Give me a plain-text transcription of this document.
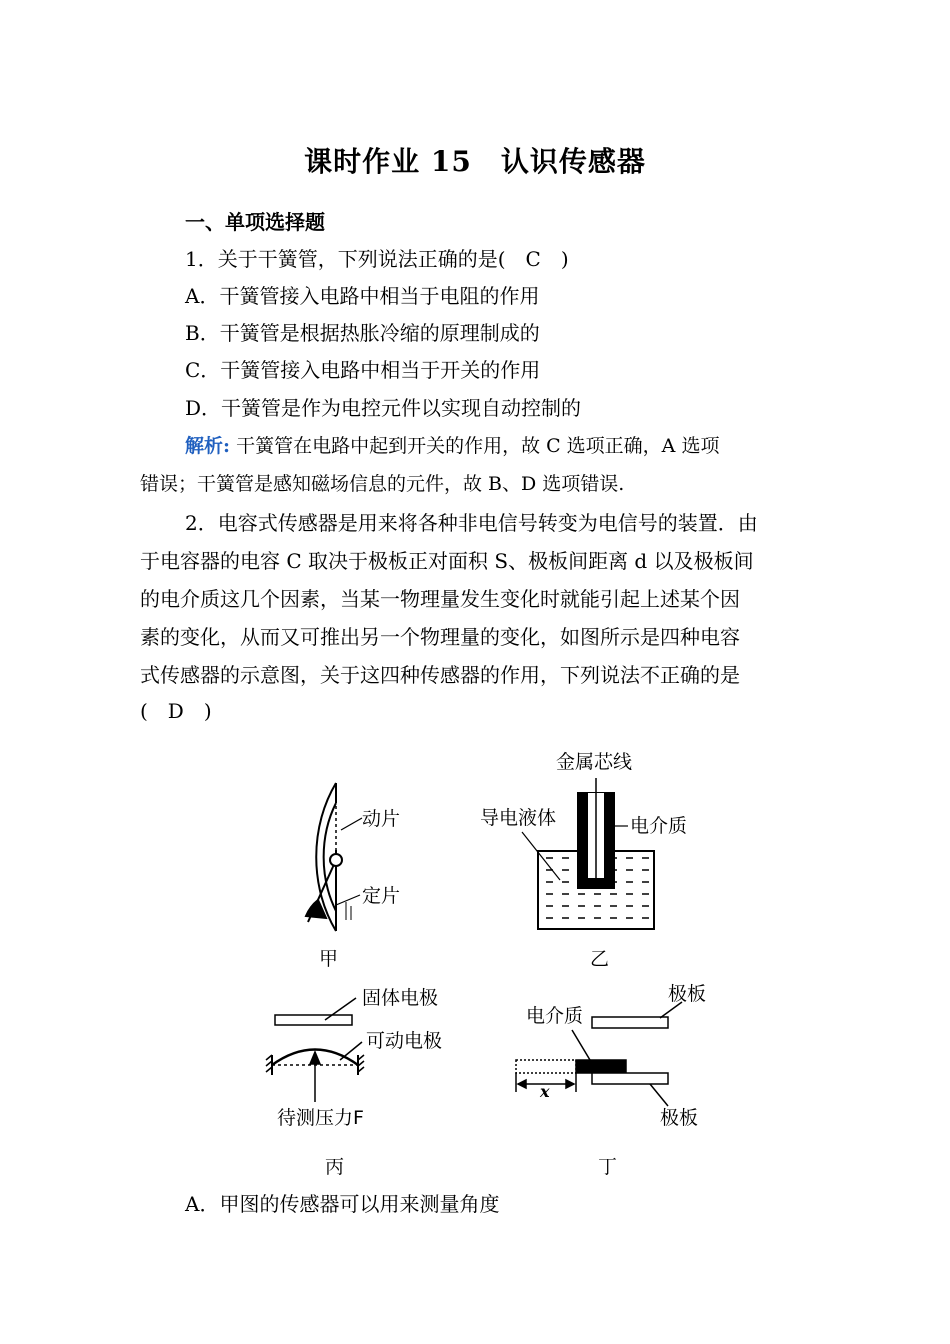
课时作业 15　认识传感器
一、单项选择题
1．关于干簧管，下列说法正确的是(　C　)
A．干簧管接入电路中相当于电阻的作用
B．干簧管是根据热胀冷缩的原理制成的
C．干簧管接入电路中相当于开关的作用
D．干簧管是作为电控元件以实现自动控制的
解析: 干簧管在电路中起到开关的作用，故 C 选项正确，A 选项
错误；干簧管是感知磁场信息的元件，故 B、D 选项错误.
2．电容式传感器是用来将各种非电信号转变为电信号的装置．由
于电容器的电容 C 取决于极板正对面积 S、极板间距离 d 以及极板间
的电介质这几个因素，当某一物理量发生变化时就能引起上述某个因
素的变化，从而又可推出另一个物理量的变化，如图所示是四种电容
式传感器的示意图，关于这四种传感器的作用，下列说法不正确的是
(　D　)
动片
定片
甲
金属芯线
导电液体	电介质
乙
固体电极
可动电极
待测压力F
丙
极板
电介质
x
极板
丁
A．甲图的传感器可以用来测量角度
